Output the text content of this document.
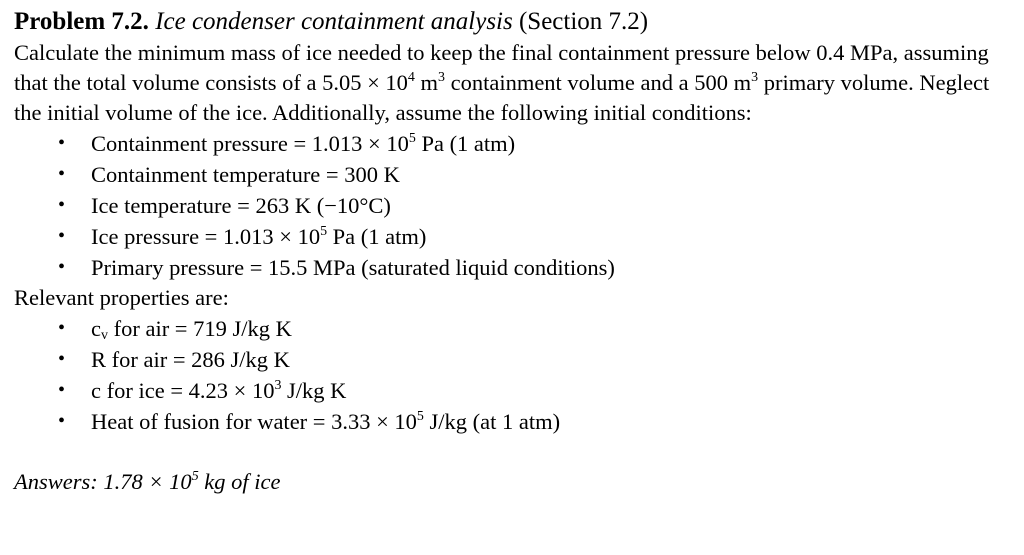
Problem 7.2. Ice condenser containment analysis (Section 7.2)

Calculate the minimum mass of ice needed to keep the final containment pressure below 0.4 MPa, assuming that the total volume consists of a $5.05 \times 10^4$ $m^3$ containment volume and a 500 $m^3$ primary volume. Neglect the initial volume of the ice. Additionally, assume the following initial conditions:

• Containment pressure = $1.013 \times 10^5$ Pa (1 atm)
• Containment temperature = 300 K
• Ice temperature = 263 K (−10°C)
• Ice pressure = $1.013 \times 10^5$ Pa (1 atm)
• Primary pressure = 15.5 MPa (saturated liquid conditions)

Relevant properties are:

• $c_v$ for air = 719 J/kg K
• R for air = 286 J/kg K
• c for ice = $4.23 \times 10^3$ J/kg K
• Heat of fusion for water = $3.33 \times 10^5$ J/kg (at 1 atm)

Answers: $1.78 \times 10^5$ kg of ice
